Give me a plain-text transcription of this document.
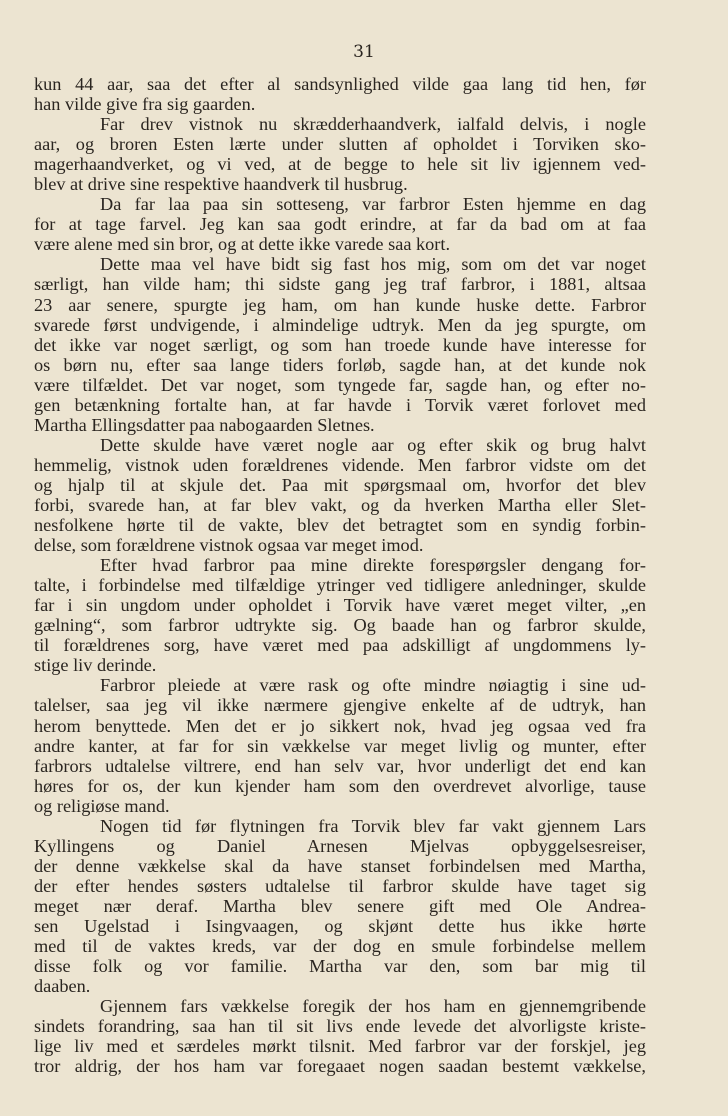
31

kun 44 aar, saa det efter al sandsynlighed vilde gaa lang tid hen, før
han vilde give fra sig gaarden.
Far drev vistnok nu skrædderhaandverk, ialfald delvis, i nogle
aar, og broren Esten lærte under slutten af opholdet i Torviken sko-
magerhaandverket, og vi ved, at de begge to hele sit liv igjennem ved-
blev at drive sine respektive haandverk til husbrug.
Da far laa paa sin sotteseng, var farbror Esten hjemme en dag
for at tage farvel. Jeg kan saa godt erindre, at far da bad om at faa
være alene med sin bror, og at dette ikke varede saa kort.
Dette maa vel have bidt sig fast hos mig, som om det var noget
særligt, han vilde ham; thi sidste gang jeg traf farbror, i 1881, altsaa
23 aar senere, spurgte jeg ham, om han kunde huske dette. Farbror
svarede først undvigende, i almindelige udtryk. Men da jeg spurgte, om
det ikke var noget særligt, og som han troede kunde have interesse for
os børn nu, efter saa lange tiders forløb, sagde han, at det kunde nok
være tilfældet. Det var noget, som tyngede far, sagde han, og efter no-
gen betænkning fortalte han, at far havde i Torvik været forlovet med
Martha Ellingsdatter paa nabogaarden Sletnes.
Dette skulde have været nogle aar og efter skik og brug halvt
hemmelig, vistnok uden forældrenes vidende. Men farbror vidste om det
og hjalp til at skjule det. Paa mit spørgsmaal om, hvorfor det blev
forbi, svarede han, at far blev vakt, og da hverken Martha eller Slet-
nesfolkene hørte til de vakte, blev det betragtet som en syndig forbin-
delse, som forældrene vistnok ogsaa var meget imod.
Efter hvad farbror paa mine direkte forespørgsler dengang for-
talte, i forbindelse med tilfældige ytringer ved tidligere anledninger, skulde
far i sin ungdom under opholdet i Torvik have været meget vilter, „en
gælning“, som farbror udtrykte sig. Og baade han og farbror skulde,
til forældrenes sorg, have været med paa adskilligt af ungdommens ly-
stige liv derinde.
Farbror pleiede at være rask og ofte mindre nøiagtig i sine ud-
talelser, saa jeg vil ikke nærmere gjengive enkelte af de udtryk, han
herom benyttede. Men det er jo sikkert nok, hvad jeg ogsaa ved fra
andre kanter, at far for sin vækkelse var meget livlig og munter, efter
farbrors udtalelse viltrere, end han selv var, hvor underligt det end kan
høres for os, der kun kjender ham som den overdrevet alvorlige, tause
og religiøse mand.
Nogen tid før flytningen fra Torvik blev far vakt gjennem Lars
Kyllingens og Daniel Arnesen Mjelvas opbyggelsesreiser,
der denne vækkelse skal da have stanset forbindelsen med Martha,
der efter hendes søsters udtalelse til farbror skulde have taget sig
meget nær deraf. Martha blev senere gift med Ole Andrea-
sen Ugelstad i Isingvaagen, og skjønt dette hus ikke hørte
med til de vaktes kreds, var der dog en smule forbindelse mellem
disse folk og vor familie. Martha var den, som bar mig til
daaben.
Gjennem fars vækkelse foregik der hos ham en gjennemgribende
sindets forandring, saa han til sit livs ende levede det alvorligste kriste-
lige liv med et særdeles mørkt tilsnit. Med farbror var der forskjel, jeg
tror aldrig, der hos ham var foregaaet nogen saadan bestemt vækkelse,
